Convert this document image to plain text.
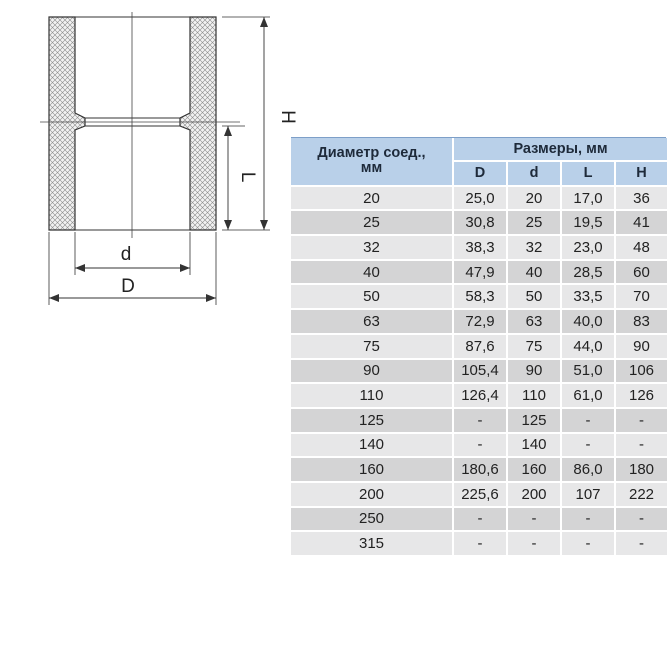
H
L
d
D
Диаметр соед.,
мм	Размеры, мм			
	D	d	L	H
20	25,0	20	17,0	36
25	30,8	25	19,5	41
32	38,3	32	23,0	48
40	47,9	40	28,5	60
50	58,3	50	33,5	70
63	72,9	63	40,0	83
75	87,6	75	44,0	90
90	105,4	90	51,0	106
110	126,4	110	61,0	126
125	-	125	-	-
140	-	140	-	-
160	180,6	160	86,0	180
200	225,6	200	107	222
250	-	-	-	-
315	-	-	-	-
